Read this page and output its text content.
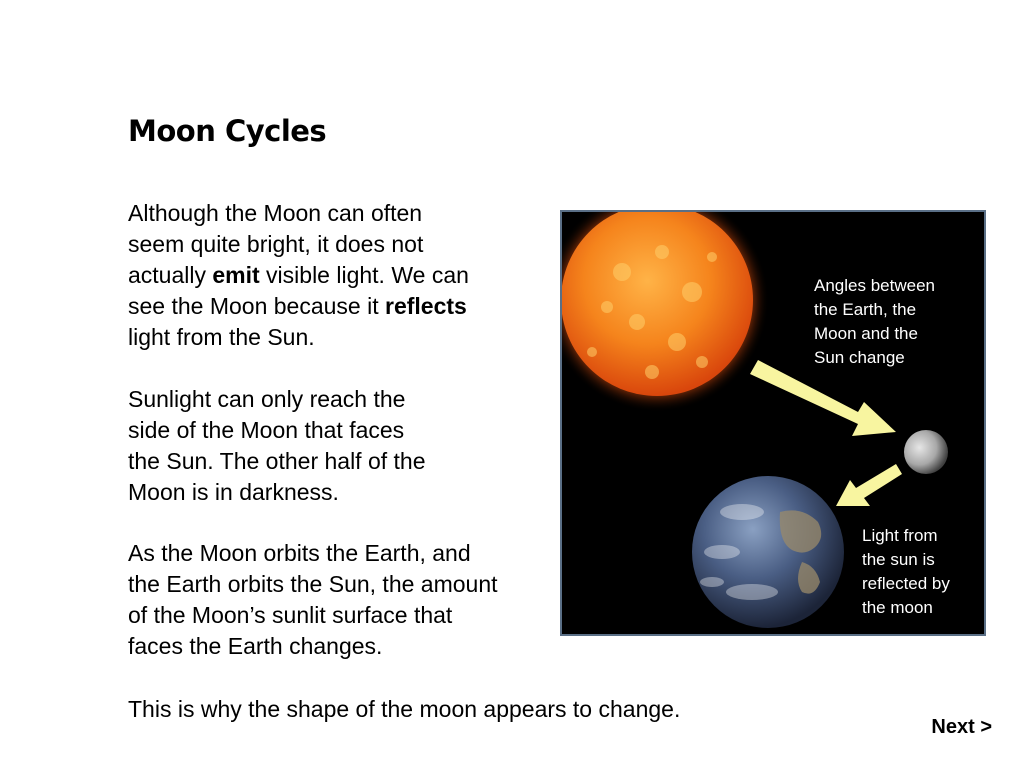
Moon Cycles
Although the Moon can often
seem quite bright, it does not
actually emit visible light. We can
see the Moon because it reflects
light from the Sun.
Sunlight can only reach the
side of the Moon that faces
the Sun. The other half of the
Moon is in darkness.
As the Moon orbits the Earth, and
the Earth orbits the Sun, the amount
of the Moon’s sunlit surface that
faces the Earth changes.
This is why the shape of the moon appears to change.
Angles between
the Earth, the
Moon and the
Sun change
Light from
the sun is
reflected by
the moon
Next >
